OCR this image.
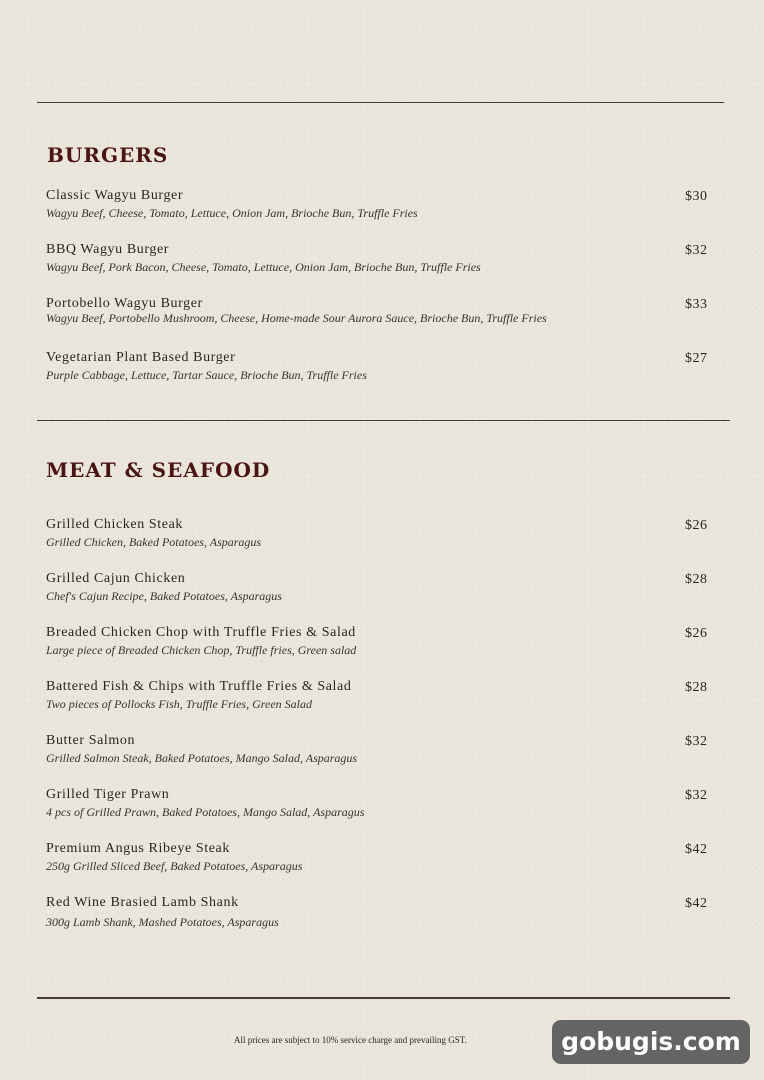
BURGERS
Classic Wagyu Burger
Wagyu Beef, Cheese, Tomato, Lettuce, Onion Jam, Brioche Bun, Truffle Fries
$30
BBQ Wagyu Burger
Wagyu Beef, Pork Bacon, Cheese, Tomato, Lettuce, Onion Jam, Brioche Bun, Truffle Fries
$32
Portobello Wagyu Burger
Wagyu Beef, Portobello Mushroom, Cheese, Home-made Sour Aurora Sauce, Brioche Bun, Truffle Fries
$33
Vegetarian Plant Based Burger
Purple Cabbage, Lettuce, Tartar Sauce, Brioche Bun, Truffle Fries
$27
MEAT & SEAFOOD
Grilled Chicken Steak
Grilled Chicken, Baked Potatoes, Asparagus
$26
Grilled Cajun Chicken
Chef's Cajun Recipe, Baked Potatoes, Asparagus
$28
Breaded Chicken Chop with Truffle Fries & Salad
Large piece of Breaded Chicken Chop, Truffle fries, Green salad
$26
Battered Fish & Chips with Truffle Fries & Salad
Two pieces of Pollocks Fish, Truffle Fries, Green Salad
$28
Butter Salmon
Grilled Salmon Steak, Baked Potatoes, Mango Salad, Asparagus
$32
Grilled Tiger Prawn
4 pcs of Grilled Prawn, Baked Potatoes, Mango Salad, Asparagus
$32
Premium Angus Ribeye Steak
250g Grilled Sliced Beef, Baked Potatoes, Asparagus
$42
Red Wine Brasied Lamb Shank
300g Lamb Shank, Mashed Potatoes, Asparagus
$42
All prices are subject to 10% service charge and prevailing GST.	gobugis.com
